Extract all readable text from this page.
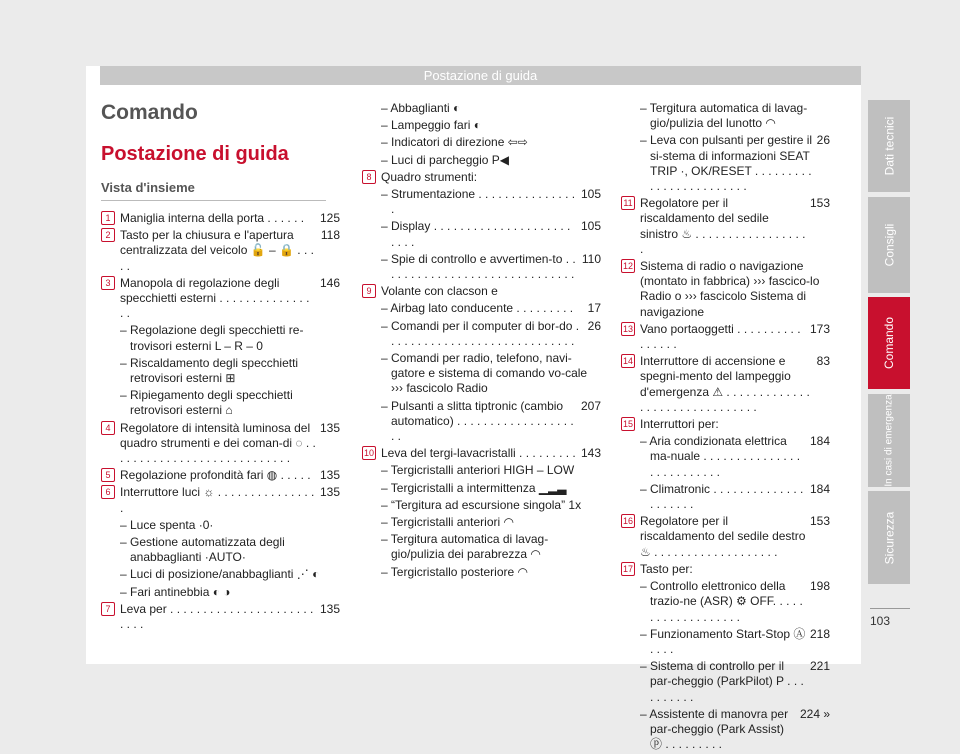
Postazione di guida
Comando
Postazione di guida
Vista d'insieme
1 Maniglia interna della porta . . . . . .	125
2 Tasto per la chiusura e l'apertura centralizzata del veicolo 🔓 – 🔒 . . . . .
118
3 Manopola di regolazione degli specchietti esterni . . . . . . . . . . . . . . . .
146
– Regolazione degli specchietti re-trovisori esterni L – R – 0
– Riscaldamento degli specchietti retrovisori esterni ⊞
– Ripiegamento degli specchietti retrovisori esterni ⌂
4 Regolatore di intensità luminosa del quadro strumenti e dei coman-di ◌ . . . . . . . . . . . . . . . . . . . . . . . . . . . .
135
5 Regolazione profondità fari ◍ . . . . . 135
6 Interruttore luci ☼ . . . . . . . . . . . . . . . .
135
– Luce spenta ·0·
– Gestione automatizzata degli anabbaglianti ·AUTO·
– Luci di posizione/anabbaglianti ⋰ ◐
– Fari antinebbia ◐ ◑
7 Leva per . . . . . . . . . . . . . . . . . . . . . . . . . .
135
– Abbaglianti ◐
– Lampeggio fari ◐
– Indicatori di direzione ⇦⇨
– Luci di parcheggio P◀
8 Quadro strumenti:
– Strumentazione . . . . . . . . . . . . . . . .
105
– Display . . . . . . . . . . . . . . . . . . . . . . . . .
105
– Spie di controllo e avvertimen-to . . . . . . . . . . . . . . . . . . . . . . . . . . . . . .
110
9 Volante con clacson e
– Airbag lato conducente . . . . . . . . .	17
– Comandi per il computer di bor-do . . . . . . . . . . . . . . . . . . . . . . . . . . . . .
26
– Comandi per radio, telefono, navi-gatore e sistema di comando vo-cale ››› fascicolo Radio
– Pulsanti a slitta tiptronic (cambio automatico) . . . . . . . . . . . . . . . . . . . .
207
10 Leva del tergi-lavacristalli . . . . . . . . . 143
– Tergicristalli anteriori HIGH – LOW
– Tergicristalli a intermittenza ▁▂▃
– “Tergitura ad escursione singola” 1x
– Tergicristalli anteriori ◠
– Tergitura automatica di lavag-gio/pulizia dei parabrezza ◠
– Tergicristallo posteriore ◠
– Tergitura automatica di lavag-gio/pulizia del lunotto ◠
– Leva con pulsanti per gestire il si-stema di informazioni SEAT TRIP ·, OK/RESET . . . . . . . . . . . . . . . . . . . . . . . .
26
11 Regolatore per il riscaldamento del sedile sinistro ♨ . . . . . . . . . . . . . . . . . .
153
12 Sistema di radio o navigazione (montato in fabbrica) ››› fascico-lo Radio o ››› fascicolo Sistema di navigazione
13 Vano portaoggetti . . . . . . . . . . . . . . . .
173
14 Interruttore di accensione e spegni-mento del lampeggio d'emergenza ⚠ . . . . . . . . . . . . . . . . . . . . . . . . . . . . . . .
83
15 Interruttori per:
– Aria condizionata elettrica ma-nuale . . . . . . . . . . . . . . . . . . . . . . . . . .
184
– Climatronic . . . . . . . . . . . . . . . . . . . . .
184
16 Regolatore per il riscaldamento del sedile destro ♨ . . . . . . . . . . . . . . . . . . .
153
17 Tasto per:
– Controllo elettronico della trazio-ne (ASR) ⚙ OFF. . . . . . . . . . . . . . . . . . .
198
– Funzionamento Start-Stop Ⓐ . . . .
218
– Sistema di controllo per il par-cheggio (ParkPilot) P . . . . . . . . . .
221
– Assistente di manovra per par-cheggio (Park Assist) ⓟ . . . . . . . . .
224 »
Dati tecnici
Consigli
Comando
In casi di emergenza
Sicurezza
103
